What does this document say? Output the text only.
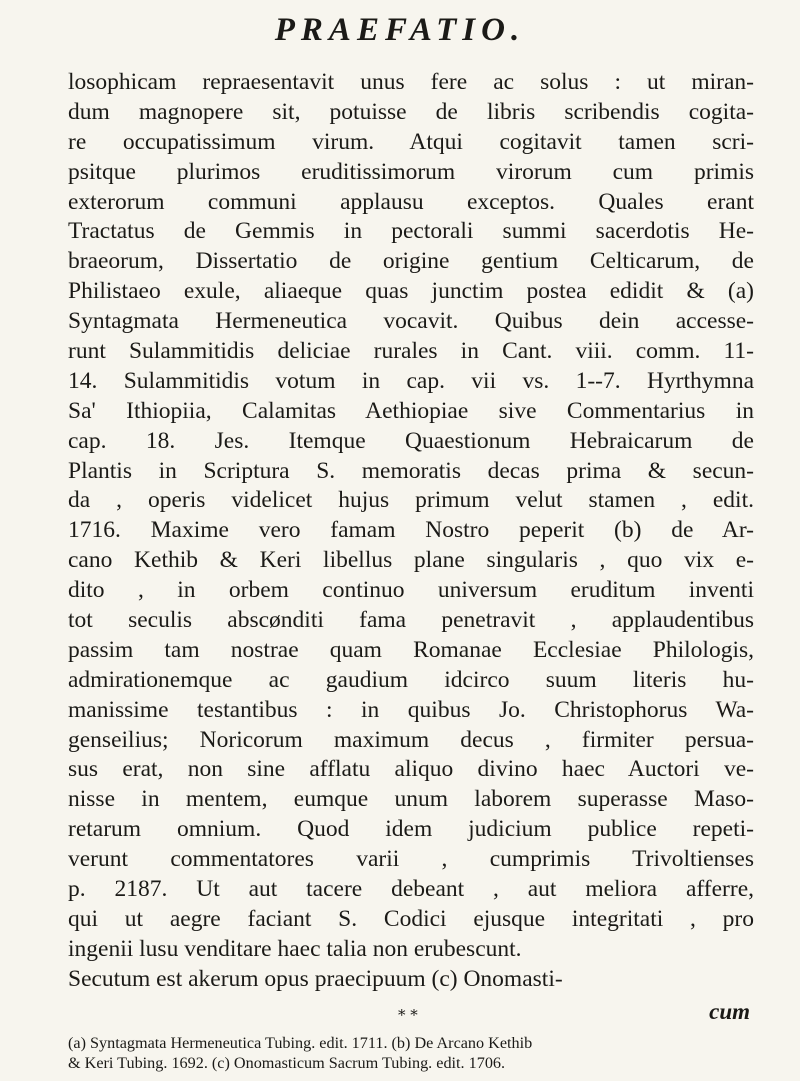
PRAEFATIO.
losophicam repraesentavit unus fere ac solus : ut miran-
dum magnopere sit, potuisse de libris scribendis cogita-
re occupatissimum virum. Atqui cogitavit tamen scri-
psitque plurimos eruditissimorum virorum cum primis
exterorum communi applausu exceptos. Quales erant
Tractatus de Gemmis in pectorali summi sacerdotis He-
braeorum, Dissertatio de origine gentium Celticarum, de
Philistaeo exule, aliaeque quas junctim postea edidit & (a)
Syntagmata Hermeneutica vocavit. Quibus dein accesse-
runt Sulammitidis deliciae rurales in Cant. viii. comm. 11-
14. Sulammitidis votum in cap. vii vs. 1--7. Hyrthymna
Sa' Ithiopiia, Calamitas Aethiopiae sive Commentarius in
cap. 18. Jes. Itemque Quaestionum Hebraicarum de
Plantis in Scriptura S. memoratis decas prima & secun-
da , operis videlicet hujus primum velut stamen , edit.
1716. Maxime vero famam Nostro peperit (b) de Ar-
cano Kethib & Keri libellus plane singularis , quo vix e-
dito , in orbem continuo universum eruditum inventi
tot seculis abscønditi fama penetravit , applaudentibus
passim tam nostrae quam Romanae Ecclesiae Philologis,
admirationemque ac gaudium idcirco suum literis hu-
manissime testantibus : in quibus Jo. Christophorus Wa-
genseilius; Noricorum maximum decus , firmiter persua-
sus erat, non sine afflatu aliquo divino haec Auctori ve-
nisse in mentem, eumque unum laborem superasse Maso-
retarum omnium. Quod idem judicium publice repeti-
verunt commentatores varii , cumprimis Trivoltienses
p. 2187. Ut aut tacere debeant , aut meliora afferre,
qui ut aegre faciant S. Codici ejusque integritati , pro
ingenii lusu venditare haec talia non erubescunt.
Secutum est akerum opus praecipuum (c) Onomasti-
* *	cum
(a) Syntagmata Hermeneutica Tubing. edit. 1711. (b) De Arcano Kethib
& Keri Tubing. 1692. (c) Onomasticum Sacrum Tubing. edit. 1706.
